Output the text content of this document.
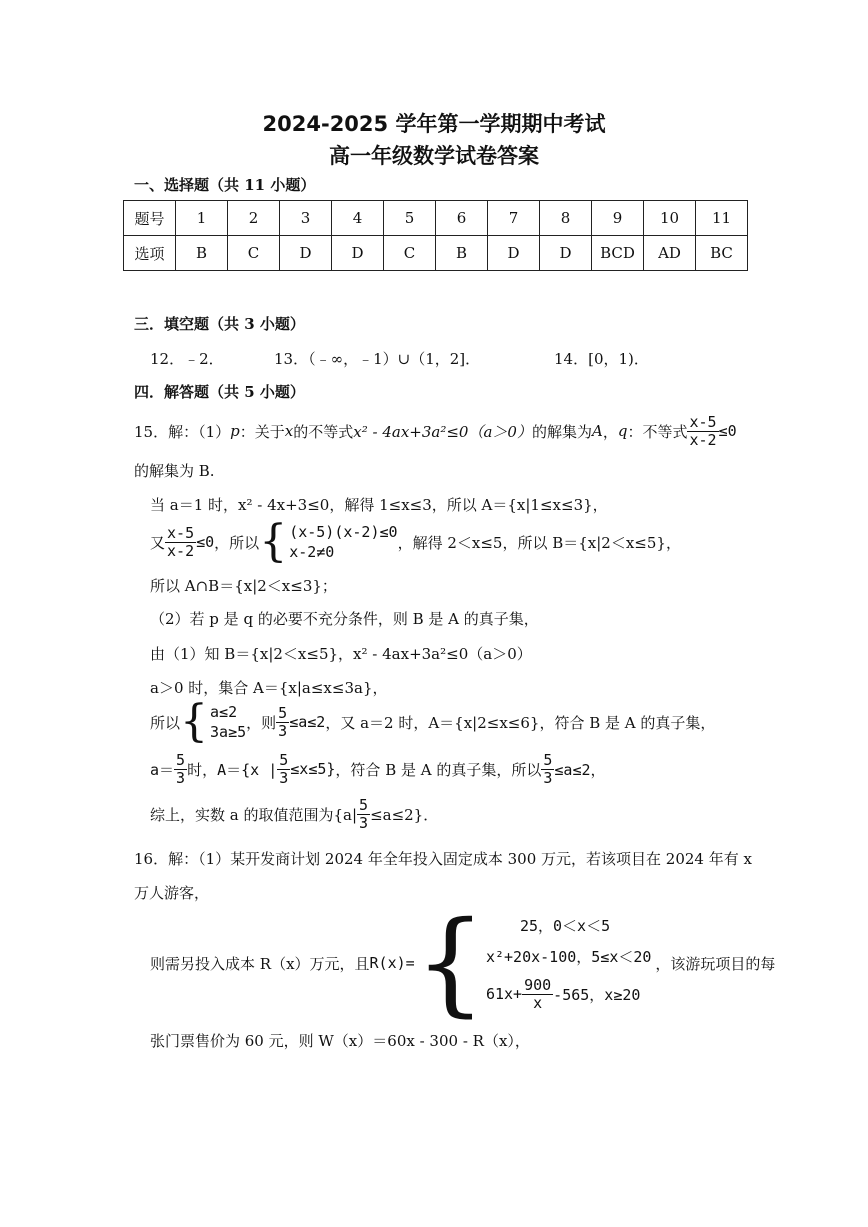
2024-2025 学年第一学期期中考试
高一年级数学试卷答案
一、选择题（共 11 小题）
题号	1	2	3	4	5	6	7	8	9	10	11
选项	B	C	D	D	C	B	D	D	BCD	AD	BC
三．填空题（共 3 小题）
12．﹣2．	13．（﹣∞，﹣1）∪（1，2]．	14．[0，1)．
四．解答题（共 5 小题）
15．解：（1） p ：关于 x 的不等式 x² - 4ax+3a²≤0（a＞0） 的解集为 A ， q ：不等式 $\frac{x-5}{x-2} \le 0$
的解集为 B.
当 a＝1 时，x² - 4x+3≤0，解得 1≤x≤3，所以 A＝{x|1≤x≤3}，
又 $\frac{x-5}{x-2} \le 0$ ，所以 { (x-5)(x-2)≤0
x-2≠0
，解得 2＜x≤5，所以 B＝{x|2＜x≤5}，
所以 A∩B＝{x|2＜x≤3}；
（2）若 p 是 q 的必要不充分条件，则 B 是 A 的真子集，
由（1）知 B＝{x|2＜x≤5}，x² - 4ax+3a²≤0（a＞0）
a＞0 时，集合 A＝{x|a≤x≤3a}，
所以 { a≤2
3a≥5
，则 $\frac{5}{3} \le a\le 2$ ，又 a＝2 时，A＝{x|2≤x≤6}，符合 B 是 A 的真子集，
$a= \frac{5}{3}$ 时， A＝{x | $\frac{5}{3} \le x\le 5$} ，符合 B 是 A 的真子集，所以 $\frac{5}{3} \le a\le 2$，
综上，实数 a 的取值范围为$\{a| \frac{5}{3} \le a\le 2\}$．
16．解：（1）某开发商计划 2024 年全年投入固定成本 300 万元，若该项目在 2024 年有 x
万人游客，
则需另投入成本 R（x）万元，且 R(x)= {	25，0＜x＜5
x²+20x-100，5≤x＜20
$61x+ \frac{900}{x} -565$，x≥20
，该游玩项目的每
张门票售价为 60 元，则 W（x）＝60x - 300 - R（x），
